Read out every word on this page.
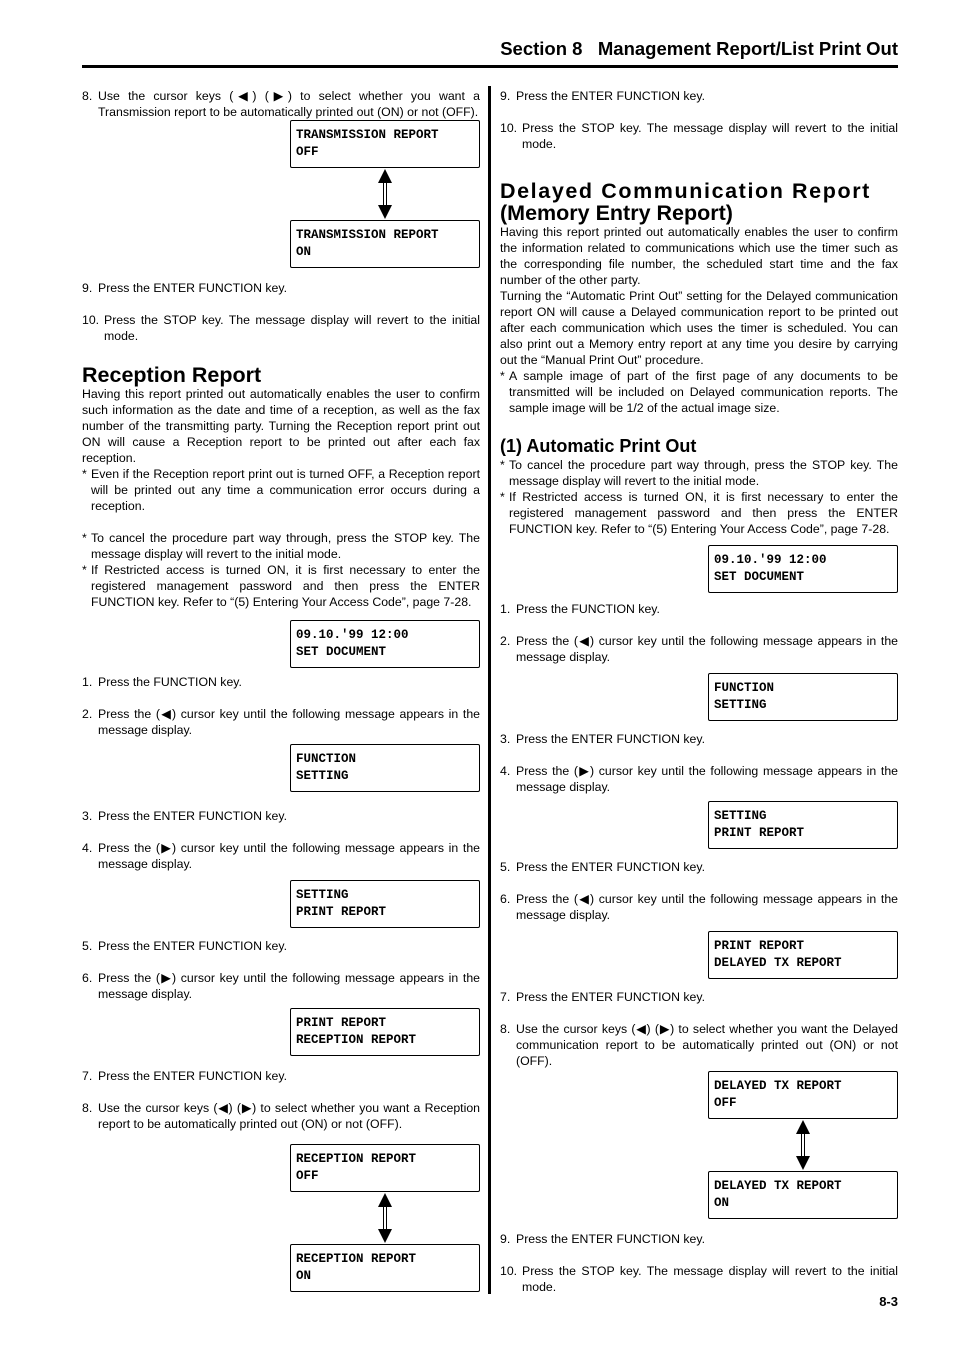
Section 8   Management Report/List Print Out
8. Use the cursor keys (◀) (▶) to select whether you want a Transmission report to be automatically printed out (ON) or not (OFF).
TRANSMISSION REPORT
OFF
TRANSMISSION REPORT
ON
9. Press the ENTER FUNCTION key.
10. Press the STOP key. The message display will revert to the initial mode.
Reception Report

Having this report printed out automatically enables the user to confirm such information as the date and time of a reception, as well as the fax number of the transmitting party. Turning the Reception report print out ON will cause a Reception report to be printed out after each fax reception.

* Even if the Reception report print out is turned OFF, a Reception report will be printed out any time a communication error occurs during a reception.
* To cancel the procedure part way through, press the STOP key. The message display will revert to the initial mode.
* If Restricted access is turned ON, it is first necessary to enter the registered management password and then press the ENTER FUNCTION key. Refer to “(5) Entering Your Access Code”, page 7-28.
09.10.'99 12:00
SET DOCUMENT
1. Press the FUNCTION key.
2. Press the (◀) cursor key until the following message appears in the message display.
FUNCTION
SETTING
3. Press the ENTER FUNCTION key.
4. Press the (▶) cursor key until the following message appears in the message display.
SETTING
PRINT REPORT
5. Press the ENTER FUNCTION key.
6. Press the (▶) cursor key until the following message appears in the message display.
PRINT REPORT
RECEPTION REPORT
7. Press the ENTER FUNCTION key.
8. Use the cursor keys (◀) (▶) to select whether you want a Reception report to be automatically printed out (ON) or not (OFF).
RECEPTION REPORT
OFF
RECEPTION REPORT
ON
9. Press the ENTER FUNCTION key.
10. Press the STOP key. The message display will revert to the initial mode.
Delayed Communication Report
(Memory Entry Report)

Having this report printed out automatically enables the user to confirm the information related to communications which use the timer such as the corresponding file number, the scheduled start time and the fax number of the other party.

Turning the “Automatic Print Out” setting for the Delayed communication report ON will cause a Delayed communication report to be printed out after each communication which uses the timer is scheduled. You can also print out a Memory entry report at any time you desire by carrying out the “Manual Print Out” procedure.

* A sample image of part of the first page of any documents to be transmitted will be included on Delayed communication reports. The sample image will be 1/2 of the actual image size.
(1) Automatic Print Out
* To cancel the procedure part way through, press the STOP key. The message display will revert to the initial mode.
* If Restricted access is turned ON, it is first necessary to enter the registered management password and then press the ENTER FUNCTION key. Refer to “(5) Entering Your Access Code”, page 7-28.
09.10.'99 12:00
SET DOCUMENT
1. Press the FUNCTION key.
2. Press the (◀) cursor key until the following message appears in the message display.
FUNCTION
SETTING
3. Press the ENTER FUNCTION key.
4. Press the (▶) cursor key until the following message appears in the message display.
SETTING
PRINT REPORT
5. Press the ENTER FUNCTION key.
6. Press the (◀) cursor key until the following message appears in the message display.
PRINT REPORT
DELAYED TX REPORT
7. Press the ENTER FUNCTION key.
8. Use the cursor keys (◀) (▶) to select whether you want the Delayed communication report to be automatically printed out (ON) or not (OFF).
DELAYED TX REPORT
OFF
DELAYED TX REPORT
ON
9. Press the ENTER FUNCTION key.
10. Press the STOP key. The message display will revert to the initial mode.
8-3
